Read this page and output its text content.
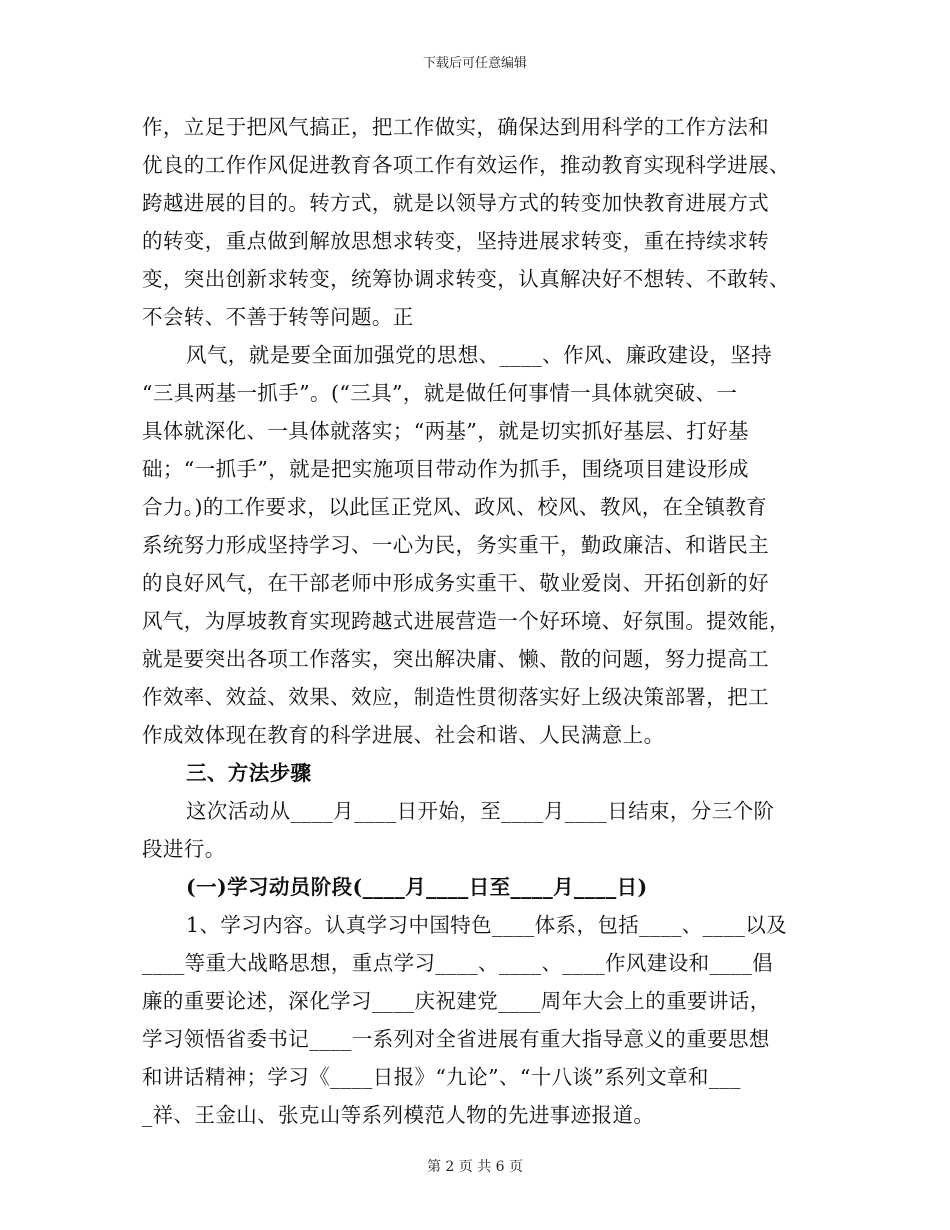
下载后可任意编辑
作，立足于把风气搞正，把工作做实，确保达到用科学的工作方法和
优良的工作作风促进教育各项工作有效运作，推动教育实现科学进展、
跨越进展的目的。转方式，就是以领导方式的转变加快教育进展方式
的转变，重点做到解放思想求转变，坚持进展求转变，重在持续求转
变，突出创新求转变，统筹协调求转变，认真解决好不想转、不敢转、
不会转、不善于转等问题。正
风气，就是要全面加强党的思想、____、作风、廉政建设，坚持
“三具两基一抓手”。(“三具”，就是做任何事情一具体就突破、一
具体就深化、一具体就落实；“两基”，就是切实抓好基层、打好基
础；“一抓手”，就是把实施项目带动作为抓手，围绕项目建设形成
合力。)的工作要求，以此匡正党风、政风、校风、教风，在全镇教育
系统努力形成坚持学习、一心为民，务实重干，勤政廉洁、和谐民主
的良好风气，在干部老师中形成务实重干、敬业爱岗、开拓创新的好
风气，为厚坡教育实现跨越式进展营造一个好环境、好氛围。提效能，
就是要突出各项工作落实，突出解决庸、懒、散的问题，努力提高工
作效率、效益、效果、效应，制造性贯彻落实好上级决策部署，把工
作成效体现在教育的科学进展、社会和谐、人民满意上。
三、方法步骤
这次活动从____月____日开始，至____月____日结束，分三个阶
段进行。
(一)学习动员阶段(____月____日至____月____日)
1、学习内容。认真学习中国特色____体系，包括____、____以及
____等重大战略思想，重点学习____、____、____作风建设和____倡
廉的重要论述，深化学习____庆祝建党____周年大会上的重要讲话，
学习领悟省委书记____一系列对全省进展有重大指导意义的重要思想
和讲话精神；学习《____日报》“九论”、“十八谈”系列文章和___
_祥、王金山、张克山等系列模范人物的先进事迹报道。
第 2 页 共 6 页
